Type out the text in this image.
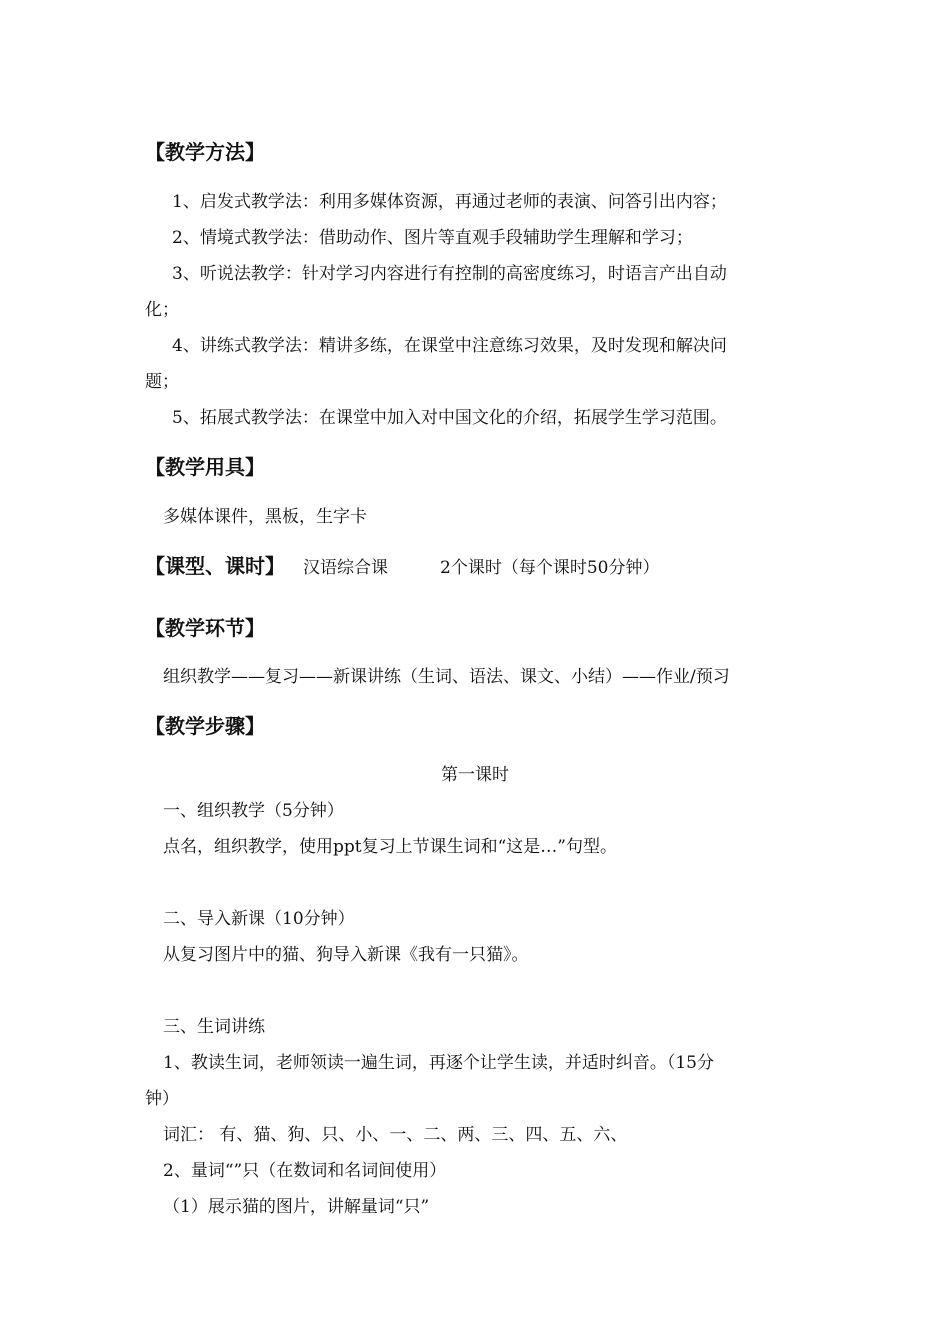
【教学方法】
1、启发式教学法：利用多媒体资源，再通过老师的表演、问答引出内容；
2、情境式教学法：借助动作、图片等直观手段辅助学生理解和学习；
3、听说法教学：针对学习内容进行有控制的高密度练习，时语言产出自动
化；
4、讲练式教学法：精讲多练，在课堂中注意练习效果，及时发现和解决问
题；
5、拓展式教学法：在课堂中加入对中国文化的介绍，拓展学生学习范围。
【教学用具】
多媒体课件，黑板，生字卡
【课型、课时】 汉语综合课	2个课时（每个课时50分钟）
【教学环节】
组织教学——复习——新课讲练（生词、语法、课文、小结）——作业/预习
【教学步骤】
第一课时
一、组织教学（5分钟）
点名，组织教学，使用ppt复习上节课生词和“这是…”句型。
二、导入新课（10分钟）
从复习图片中的猫、狗导入新课《我有一只猫》。
三、生词讲练
1、教读生词，老师领读一遍生词，再逐个让学生读，并适时纠音。（15分
钟）
词汇： 有、猫、狗、只、小、一、二、两、三、四、五、六、
2、量词“”只（在数词和名词间使用）
（1）展示猫的图片，讲解量词“只”
